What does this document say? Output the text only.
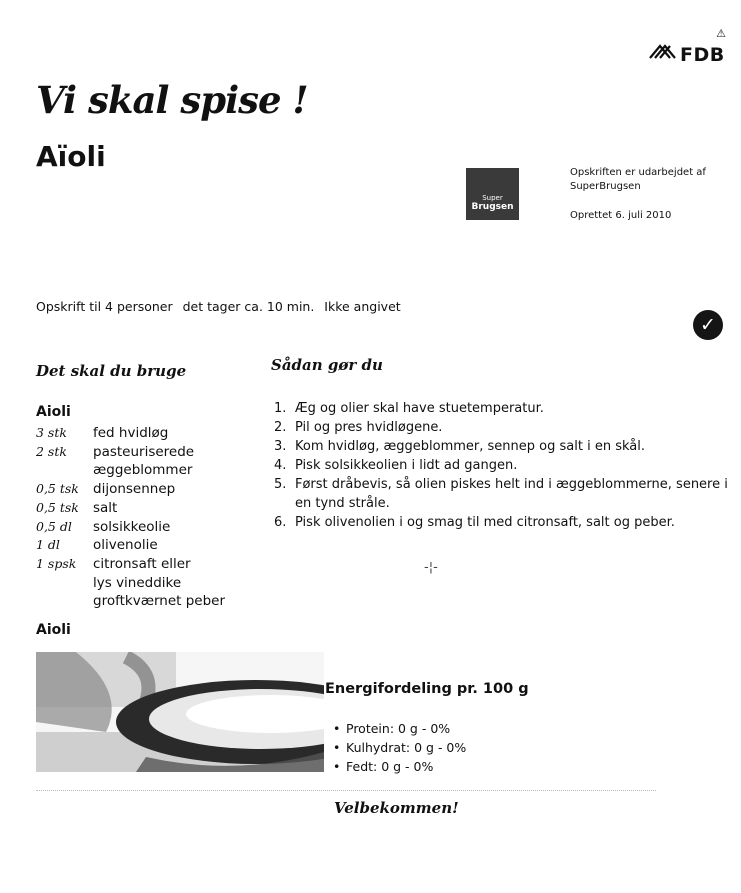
⚠
FDB
Vi skal spise !
Aïoli
Super
Brugsen
Opskriften er udarbejdet af SuperBrugsen
Oprettet 6. juli 2010
Opskrift til 4 personer det tager ca. 10 min. Ikke angivet
✓
Det skal du bruge	Sådan gør du
Aioli
3 stk	fed hvidløg
2 stk	pasteuriserede æggeblommer
0,5 tsk	dijonsennep
0,5 tsk	salt
0,5 dl	solsikkeolie
1 dl	olivenolie
1 spsk	citronsaft eller lys vineddike
groftkværnet peber
Aioli
1. Æg og olier skal have stuetemperatur.
2. Pil og pres hvidløgene.
3. Kom hvidløg, æggeblommer, sennep og salt i en skål.
4. Pisk solsikkeolien i lidt ad gangen.
5. Først dråbevis, så olien piskes helt ind i æggeblommerne, senere i en tynd stråle.
6. Pisk olivenolien i og smag til med citronsaft, salt og peber.
-¦-
Energifordeling pr. 100 g
• Protein: 0 g - 0%
• Kulhydrat: 0 g - 0%
• Fedt: 0 g - 0%
Velbekommen!
